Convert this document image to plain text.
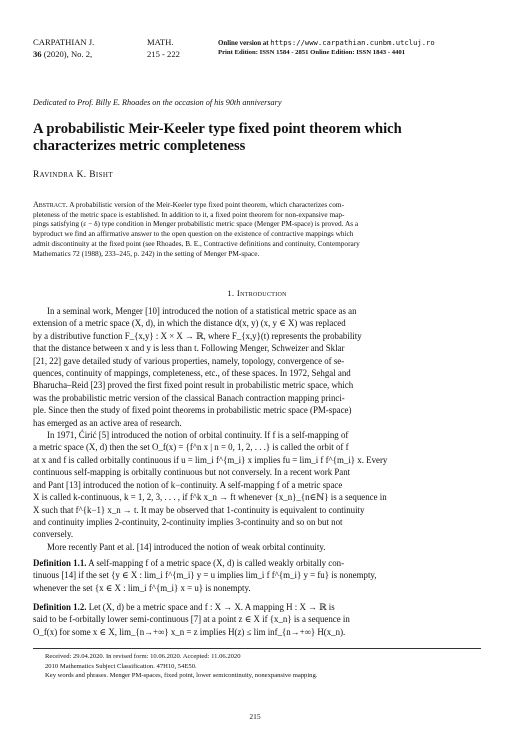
CARPATHIAN J.
36 (2020), No. 2,
MATH.
215 - 222
Online version at https://www.carpathian.cunbm.utcluj.ro
Print Edition: ISSN 1584 - 2851 Online Edition: ISSN 1843 - 4401
Dedicated to Prof. Billy E. Rhoades on the occasion of his 90th anniversary
A probabilistic Meir-Keeler type fixed point theorem which
characterizes metric completeness
Ravindra K. Bisht
Abstract. A probabilistic version of the Meir-Keeler type fixed point theorem, which characterizes com-
pleteness of the metric space is established. In addition to it, a fixed point theorem for non-expansive map-
pings satisfying (ε − δ) type condition in Menger probabilistic metric space (Menger PM-space) is proved. As a
byproduct we find an affirmative answer to the open question on the existence of contractive mappings which
admit discontinuity at the fixed point (see Rhoades, B. E., Contractive definitions and continuity, Contemporary
Mathematics 72 (1988), 233–245, p. 242) in the setting of Menger PM-space.
1. Introduction

In a seminal work, Menger [10] introduced the notion of a statistical metric space as an

extension of a metric space (X, d), in which the distance d(x, y) (x, y ∈ X) was replaced

by a distributive function F_{x,y} : X × X → ℝ, where F_{x,y}(t) represents the probability

that the distance between x and y is less than t. Following Menger, Schweizer and Sklar

[21, 22] gave detailed study of various properties, namely, topology, convergence of se-

quences, continuity of mappings, completeness, etc., of these spaces. In 1972, Sehgal and

Bharucha–Reid [23] proved the first fixed point result in probabilistic metric space, which

was the probabilistic metric version of the classical Banach contraction mapping princi-

ple. Since then the study of fixed point theorems in probabilistic metric space (PM-space)

has emerged as an active area of research.

In 1971, Ćirić [5] introduced the notion of orbital continuity. If f is a self-mapping of

a metric space (X, d) then the set O_f(x) = {f^n x | n = 0, 1, 2, . . .} is called the orbit of f

at x and f is called orbitally continuous if u = lim_i f^{m_i} x implies fu = lim_i f f^{m_i} x. Every

continuous self-mapping is orbitally continuous but not conversely. In a recent work Pant

and Pant [13] introduced the notion of k−continuity. A self-mapping f of a metric space

X is called k-continuous, k = 1, 2, 3, . . . , if f^k x_n → ft whenever {x_n}_{n∈ℕ} is a sequence in

X such that f^{k−1} x_n → t. It may be observed that 1-continuity is equivalent to continuity

and continuity implies 2-continuity, 2-continuity implies 3-continuity and so on but not

conversely.

More recently Pant et al. [14] introduced the notion of weak orbital continuity.

Definition 1.1. A self-mapping f of a metric space (X, d) is called weakly orbitally con-

tinuous [14] if the set {y ∈ X : lim_i f^{m_i} y = u implies lim_i f f^{m_i} y = fu} is nonempty,

whenever the set {x ∈ X : lim_i f^{m_i} x = u} is nonempty.

Definition 1.2. Let (X, d) be a metric space and f : X → X. A mapping H : X → ℝ is

said to be f-orbitally lower semi-continuous [7] at a point z ∈ X if {x_n} is a sequence in

O_f(x) for some x ∈ X, lim_{n→+∞} x_n = z implies H(z) ≤ lim inf_{n→+∞} H(x_n).

Received: 29.04.2020. In revised form: 10.06.2020. Accepted: 11.06.2020
2010 Mathematics Subject Classification. 47H10, 54E50.
Key words and phrases. Menger PM-spaces, fixed point, lower semicontinuity, nonexpansive mapping.
215
